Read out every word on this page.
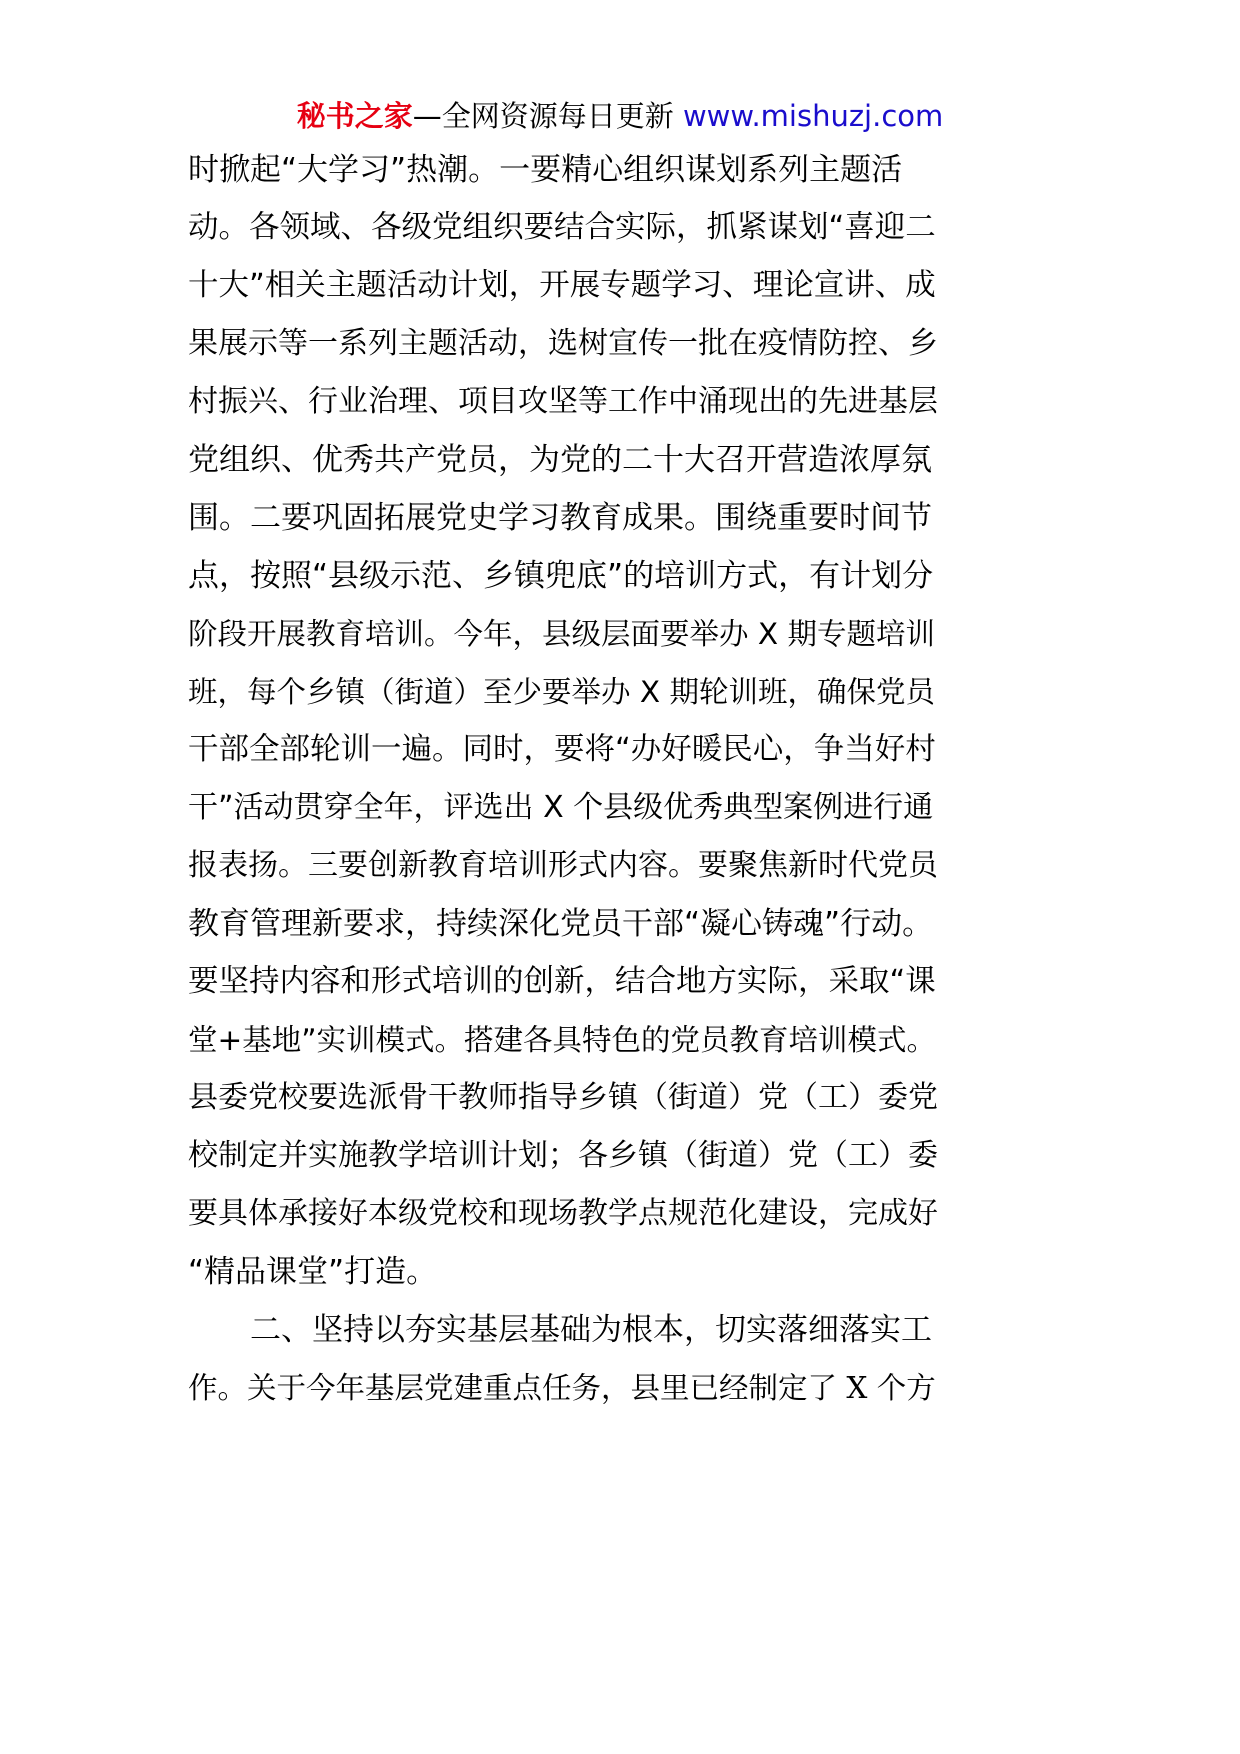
秘书之家—全网资源每日更新 www.mishuzj.com
时掀起“大学习”热潮。一要精心组织谋划系列主题活
动。各领域、各级党组织要结合实际，抓紧谋划“喜迎二
十大”相关主题活动计划，开展专题学习、理论宣讲、成
果展示等一系列主题活动，选树宣传一批在疫情防控、乡
村振兴、行业治理、项目攻坚等工作中涌现出的先进基层
党组织、优秀共产党员，为党的二十大召开营造浓厚氛
围。二要巩固拓展党史学习教育成果。围绕重要时间节
点，按照“县级示范、乡镇兜底”的培训方式，有计划分
阶段开展教育培训。今年，县级层面要举办 X 期专题培训
班，每个乡镇（街道）至少要举办 X 期轮训班，确保党员
干部全部轮训一遍。同时，要将“办好暖民心，争当好村
干”活动贯穿全年，评选出 X 个县级优秀典型案例进行通
报表扬。三要创新教育培训形式内容。要聚焦新时代党员
教育管理新要求，持续深化党员干部“凝心铸魂”行动。
要坚持内容和形式培训的创新，结合地方实际，采取“课
堂+基地”实训模式。搭建各具特色的党员教育培训模式。
县委党校要选派骨干教师指导乡镇（街道）党（工）委党
校制定并实施教学培训计划；各乡镇（街道）党（工）委
要具体承接好本级党校和现场教学点规范化建设，完成好
“精品课堂”打造。
二、坚持以夯实基层基础为根本，切实落细落实工
作。关于今年基层党建重点任务，县里已经制定了 X 个方
